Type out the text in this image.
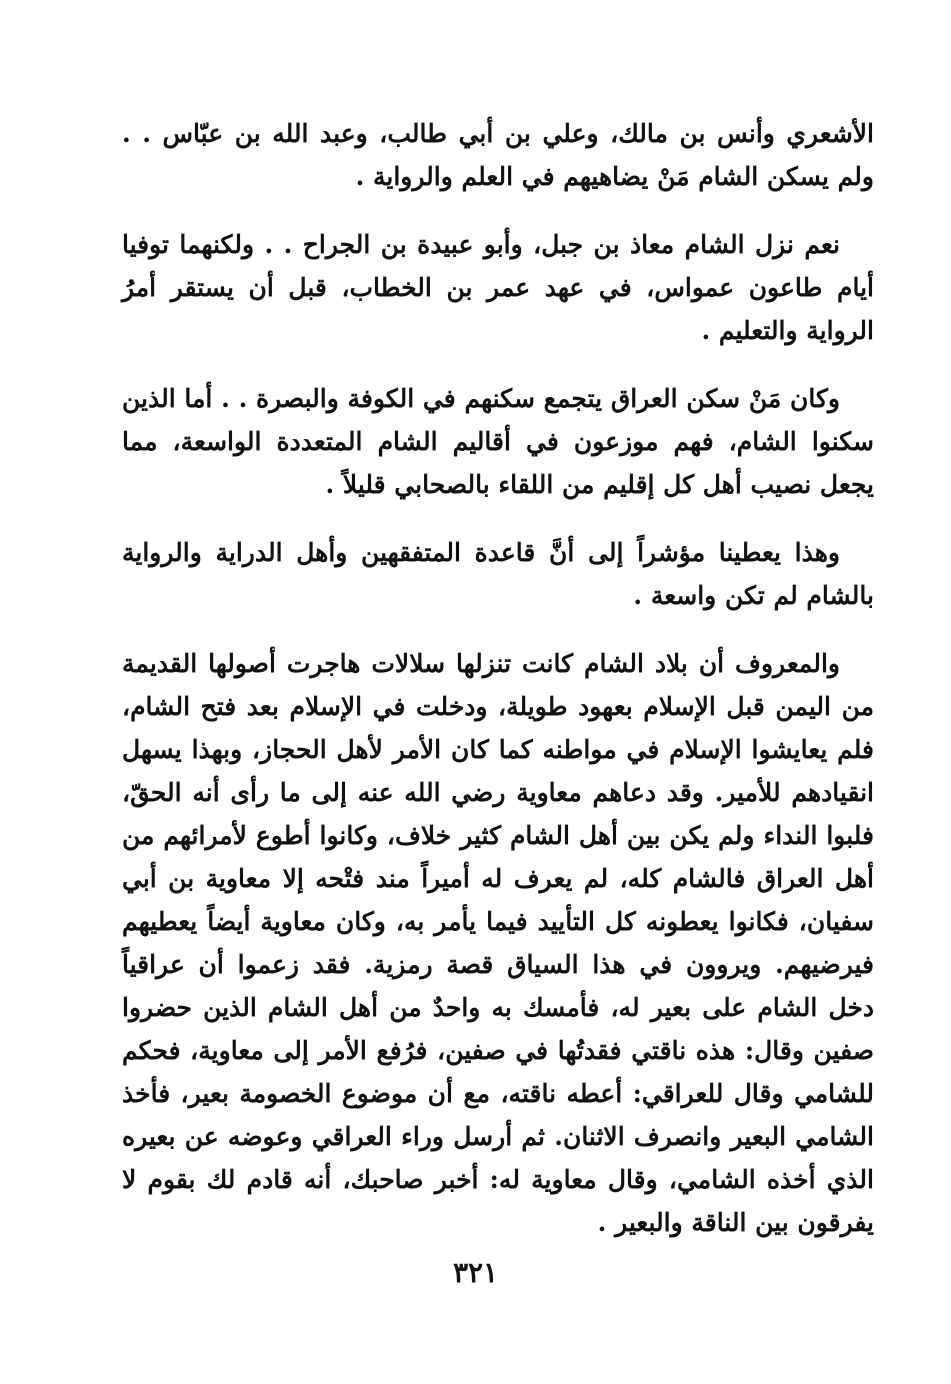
الأشعري وأنس بن مالك، وعلي بن أبي طالب، وعبد الله بن عبّاس . . ولم يسكن الشام مَنْ يضاهيهم في العلم والرواية .

نعم نزل الشام معاذ بن جبل، وأبو عبيدة بن الجراح . . ولكنهما توفيا أيام طاعون عمواس، في عهد عمر بن الخطاب، قبل أن يستقر أمرُ الرواية والتعليم .

وكان مَنْ سكن العراق يتجمع سكنهم في الكوفة والبصرة . . أما الذين سكنوا الشام، فهم موزعون في أقاليم الشام المتعددة الواسعة، مما يجعل نصيب أهل كل إقليم من اللقاء بالصحابي قليلاً .

وهذا يعطينا مؤشراً إلى أنَّ قاعدة المتفقهين وأهل الدراية والرواية بالشام لم تكن واسعة .

والمعروف أن بلاد الشام كانت تنزلها سلالات هاجرت أصولها القديمة من اليمن قبل الإسلام بعهود طويلة، ودخلت في الإسلام بعد فتح الشام، فلم يعايشوا الإسلام في مواطنه كما كان الأمر لأهل الحجاز، وبهذا يسهل انقيادهم للأمير. وقد دعاهم معاوية رضي الله عنه إلى ما رأى أنه الحقّ، فلبوا النداء ولم يكن بين أهل الشام كثير خلاف، وكانوا أطوع لأمرائهم من أهل العراق فالشام كله، لم يعرف له أميراً مند فتْحه إلا معاوية بن أبي سفيان، فكانوا يعطونه كل التأييد فيما يأمر به، وكان معاوية أيضاً يعطيهم فيرضيهم. ويروون في هذا السياق قصة رمزية. فقد زعموا أن عراقياً دخل الشام على بعير له، فأمسك به واحدٌ من أهل الشام الذين حضروا صفين وقال: هذه ناقتي فقدتُها في صفين، فرُفع الأمر إلى معاوية، فحكم للشامي وقال للعراقي: أعطه ناقته، مع أن موضوع الخصومة بعير، فأخذ الشامي البعير وانصرف الاثنان. ثم أرسل وراء العراقي وعوضه عن بعيره الذي أخذه الشامي، وقال معاوية له: أخبر صاحبك، أنه قادم لك بقوم لا يفرقون بين الناقة والبعير .

٣٢١
